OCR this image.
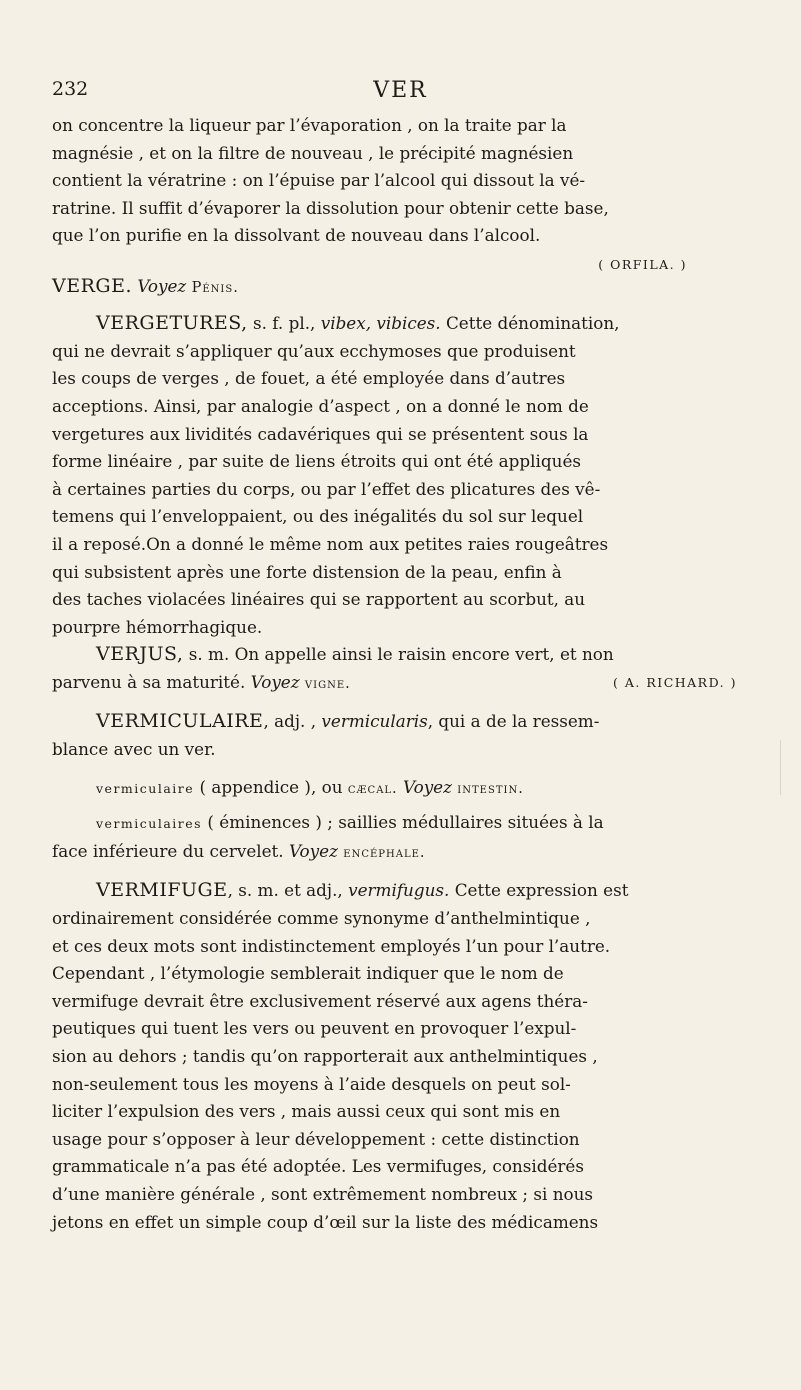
232	VER

on concentre la liqueur par l’évaporation , on la traite par la

magnésie , et on la filtre de nouveau , le précipité magnésien

contient la vératrine : on l’épuise par l’alcool qui dissout la vé-

ratrine. Il suffit d’évaporer la dissolution pour obtenir cette base,

que l’on purifie en la dissolvant de nouveau dans l’alcool.

( ORFILA. )

VERGE. Voyez Pénis.

VERGETURES, s. f. pl., vibex, vibices. Cette dénomination,

qui ne devrait s’appliquer qu’aux ecchymoses que produisent

les coups de verges , de fouet, a été employée dans d’autres

acceptions. Ainsi, par analogie d’aspect , on a donné le nom de

vergetures aux lividités cadavériques qui se présentent sous la

forme linéaire , par suite de liens étroits qui ont été appliqués

à certaines parties du corps, ou par l’effet des plicatures des vê-

temens qui l’enveloppaient, ou des inégalités du sol sur lequel

il a reposé.On a donné le même nom aux petites raies rougeâtres

qui subsistent après une forte distension de la peau, enfin à

des taches violacées linéaires qui se rapportent au scorbut, au

pourpre hémorrhagique.

VERJUS, s. m. On appelle ainsi le raisin encore vert, et non

parvenu à sa maturité. Voyez vigne.	( A. RICHARD. )

VERMICULAIRE, adj. , vermicularis, qui a de la ressem-

blance avec un ver.

vermiculaire ( appendice ), ou cæcal. Voyez intestin.

vermiculaires ( éminences ) ; saillies médullaires situées à la

face inférieure du cervelet. Voyez encéphale.

VERMIFUGE, s. m. et adj., vermifugus. Cette expression est

ordinairement considérée comme synonyme d’anthelmintique ,

et ces deux mots sont indistinctement employés l’un pour l’autre.

Cependant , l’étymologie semblerait indiquer que le nom de

vermifuge devrait être exclusivement réservé aux agens théra-

peutiques qui tuent les vers ou peuvent en provoquer l’expul-

sion au dehors ; tandis qu’on rapporterait aux anthelmintiques ,

non-seulement tous les moyens à l’aide desquels on peut sol-

liciter l’expulsion des vers , mais aussi ceux qui sont mis en

usage pour s’opposer à leur développement : cette distinction

grammaticale n’a pas été adoptée. Les vermifuges, considérés

d’une manière générale , sont extrêmement nombreux ; si nous

jetons en effet un simple coup d’œil sur la liste des médicamens
